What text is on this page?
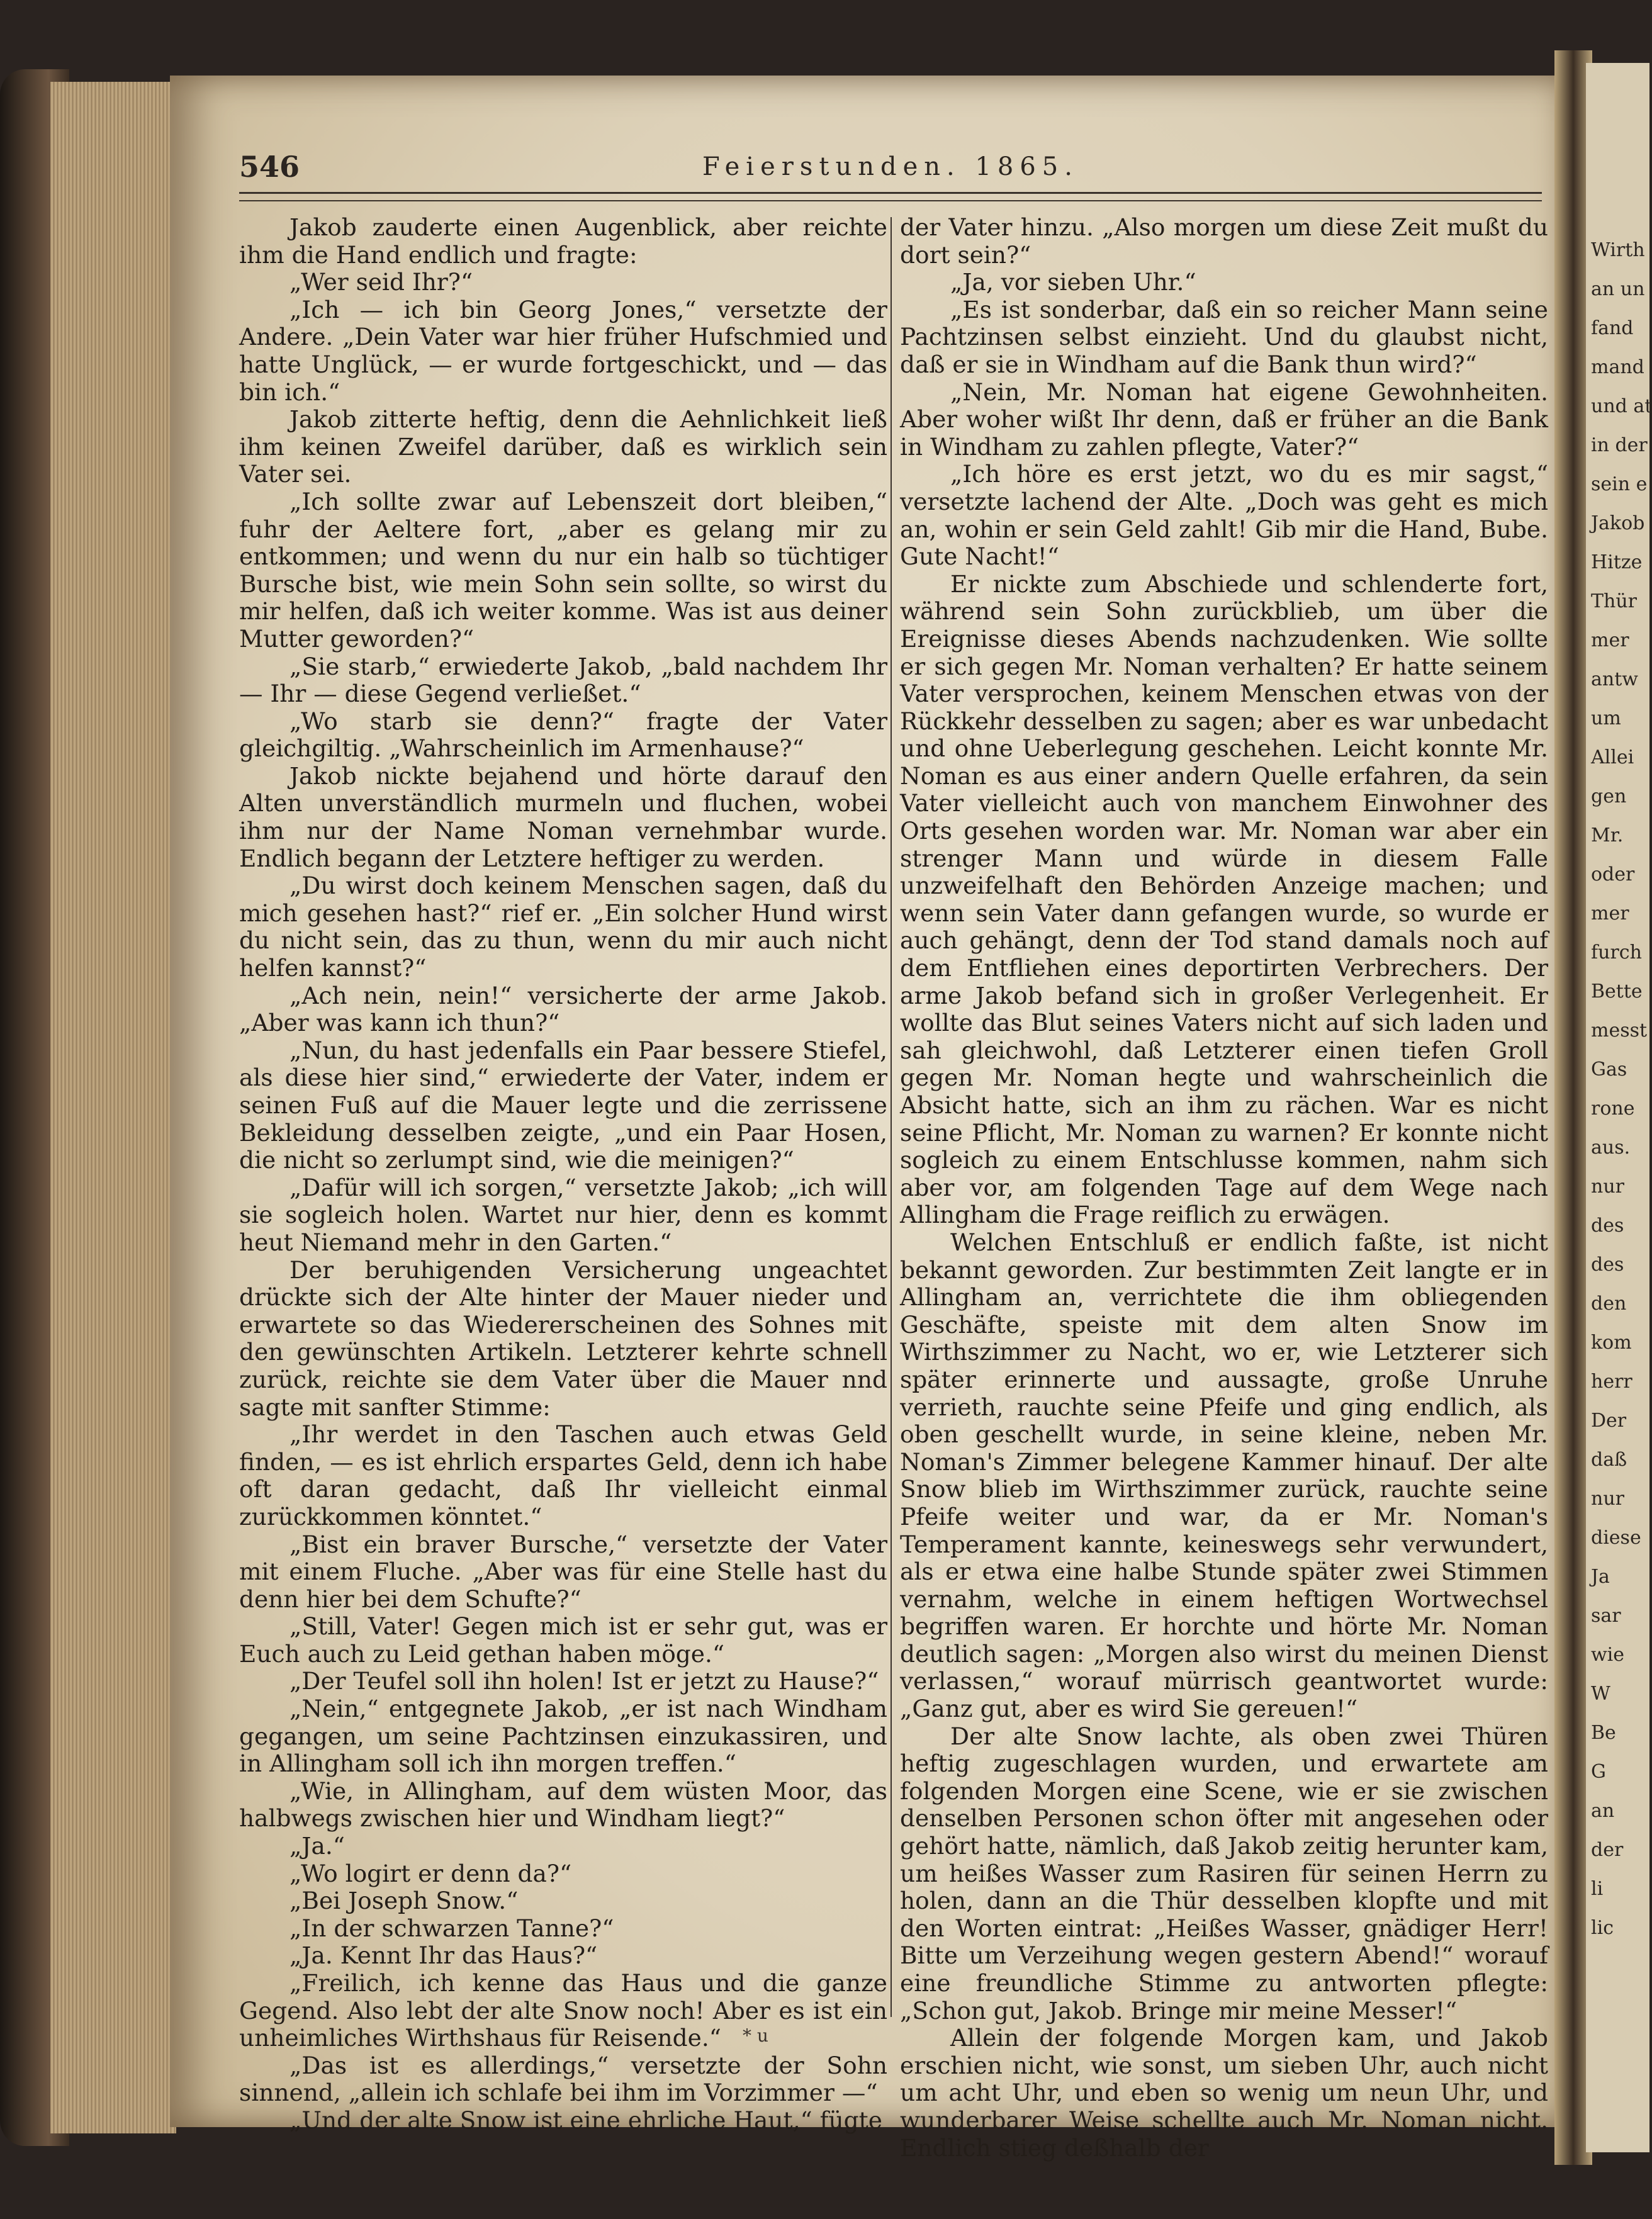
546	Feierstunden. 1865.

Jakob zauderte einen Augenblick, aber reichte ihm die Hand endlich und fragte:

„Wer seid Ihr?“

„Ich — ich bin Georg Jones,“ versetzte der Andere. „Dein Vater war hier früher Hufschmied und hatte Unglück, — er wurde fortgeschickt, und — das bin ich.“

Jakob zitterte heftig, denn die Aehnlichkeit ließ ihm keinen Zweifel darüber, daß es wirklich sein Vater sei.

„Ich sollte zwar auf Lebenszeit dort bleiben,“ fuhr der Aeltere fort, „aber es gelang mir zu entkommen; und wenn du nur ein halb so tüchtiger Bursche bist, wie mein Sohn sein sollte, so wirst du mir helfen, daß ich weiter komme. Was ist aus deiner Mutter geworden?“

„Sie starb,“ erwiederte Jakob, „bald nachdem Ihr — Ihr — diese Gegend verließet.“

„Wo starb sie denn?“ fragte der Vater gleichgiltig. „Wahrscheinlich im Armenhause?“

Jakob nickte bejahend und hörte darauf den Alten unverständlich murmeln und fluchen, wobei ihm nur der Name Noman vernehmbar wurde. Endlich begann der Letztere heftiger zu werden.

„Du wirst doch keinem Menschen sagen, daß du mich gesehen hast?“ rief er. „Ein solcher Hund wirst du nicht sein, das zu thun, wenn du mir auch nicht helfen kannst?“

„Ach nein, nein!“ versicherte der arme Jakob. „Aber was kann ich thun?“

„Nun, du hast jedenfalls ein Paar bessere Stiefel, als diese hier sind,“ erwiederte der Vater, indem er seinen Fuß auf die Mauer legte und die zerrissene Bekleidung desselben zeigte, „und ein Paar Hosen, die nicht so zerlumpt sind, wie die meinigen?“

„Dafür will ich sorgen,“ versetzte Jakob; „ich will sie sogleich holen. Wartet nur hier, denn es kommt heut Niemand mehr in den Garten.“

Der beruhigenden Versicherung ungeachtet drückte sich der Alte hinter der Mauer nieder und erwartete so das Wiedererscheinen des Sohnes mit den gewünschten Artikeln. Letzterer kehrte schnell zurück, reichte sie dem Vater über die Mauer nnd sagte mit sanfter Stimme:

„Ihr werdet in den Taschen auch etwas Geld finden, — es ist ehrlich erspartes Geld, denn ich habe oft daran gedacht, daß Ihr vielleicht einmal zurückkommen könntet.“

„Bist ein braver Bursche,“ versetzte der Vater mit einem Fluche. „Aber was für eine Stelle hast du denn hier bei dem Schufte?“

„Still, Vater! Gegen mich ist er sehr gut, was er Euch auch zu Leid gethan haben möge.“

„Der Teufel soll ihn holen! Ist er jetzt zu Hause?“

„Nein,“ entgegnete Jakob, „er ist nach Windham gegangen, um seine Pachtzinsen einzukassiren, und in Allingham soll ich ihn morgen treffen.“

„Wie, in Allingham, auf dem wüsten Moor, das halbwegs zwischen hier und Windham liegt?“

„Ja.“

„Wo logirt er denn da?“

„Bei Joseph Snow.“

„In der schwarzen Tanne?“

„Ja. Kennt Ihr das Haus?“

„Freilich, ich kenne das Haus und die ganze Gegend. Also lebt der alte Snow noch! Aber es ist ein unheimliches Wirthshaus für Reisende.“

„Das ist es allerdings,“ versetzte der Sohn sinnend, „allein ich schlafe bei ihm im Vorzimmer —“

„Und der alte Snow ist eine ehrliche Haut,“ fügte

der Vater hinzu. „Also morgen um diese Zeit mußt du dort sein?“

„Ja, vor sieben Uhr.“

„Es ist sonderbar, daß ein so reicher Mann seine Pachtzinsen selbst einzieht. Und du glaubst nicht, daß er sie in Windham auf die Bank thun wird?“

„Nein, Mr. Noman hat eigene Gewohnheiten. Aber woher wißt Ihr denn, daß er früher an die Bank in Windham zu zahlen pflegte, Vater?“

„Ich höre es erst jetzt, wo du es mir sagst,“ versetzte lachend der Alte. „Doch was geht es mich an, wohin er sein Geld zahlt! Gib mir die Hand, Bube. Gute Nacht!“

Er nickte zum Abschiede und schlenderte fort, während sein Sohn zurückblieb, um über die Ereignisse dieses Abends nachzudenken. Wie sollte er sich gegen Mr. Noman verhalten? Er hatte seinem Vater versprochen, keinem Menschen etwas von der Rückkehr desselben zu sagen; aber es war unbedacht und ohne Ueberlegung geschehen. Leicht konnte Mr. Noman es aus einer andern Quelle erfahren, da sein Vater vielleicht auch von manchem Einwohner des Orts gesehen worden war. Mr. Noman war aber ein strenger Mann und würde in diesem Falle unzweifelhaft den Behörden Anzeige machen; und wenn sein Vater dann gefangen wurde, so wurde er auch gehängt, denn der Tod stand damals noch auf dem Entfliehen eines deportirten Verbrechers. Der arme Jakob befand sich in großer Verlegenheit. Er wollte das Blut seines Vaters nicht auf sich laden und sah gleichwohl, daß Letzterer einen tiefen Groll gegen Mr. Noman hegte und wahrscheinlich die Absicht hatte, sich an ihm zu rächen. War es nicht seine Pflicht, Mr. Noman zu warnen? Er konnte nicht sogleich zu einem Entschlusse kommen, nahm sich aber vor, am folgenden Tage auf dem Wege nach Allingham die Frage reiflich zu erwägen.

Welchen Entschluß er endlich faßte, ist nicht bekannt geworden. Zur bestimmten Zeit langte er in Allingham an, verrichtete die ihm obliegenden Geschäfte, speiste mit dem alten Snow im Wirthszimmer zu Nacht, wo er, wie Letzterer sich später erinnerte und aussagte, große Unruhe verrieth, rauchte seine Pfeife und ging endlich, als oben geschellt wurde, in seine kleine, neben Mr. Noman's Zimmer belegene Kammer hinauf. Der alte Snow blieb im Wirthszimmer zurück, rauchte seine Pfeife weiter und war, da er Mr. Noman's Temperament kannte, keineswegs sehr verwundert, als er etwa eine halbe Stunde später zwei Stimmen vernahm, welche in einem heftigen Wortwechsel begriffen waren. Er horchte und hörte Mr. Noman deutlich sagen: „Morgen also wirst du meinen Dienst verlassen,“ worauf mürrisch geantwortet wurde: „Ganz gut, aber es wird Sie gereuen!“

Der alte Snow lachte, als oben zwei Thüren heftig zugeschlagen wurden, und erwartete am folgenden Morgen eine Scene, wie er sie zwischen denselben Personen schon öfter mit angesehen oder gehört hatte, nämlich, daß Jakob zeitig herunter kam, um heißes Wasser zum Rasiren für seinen Herrn zu holen, dann an die Thür desselben klopfte und mit den Worten eintrat: „Heißes Wasser, gnädiger Herr! Bitte um Verzeihung wegen gestern Abend!“ worauf eine freundliche Stimme zu antworten pflegte: „Schon gut, Jakob. Bringe mir meine Messer!“

Allein der folgende Morgen kam, und Jakob erschien nicht, wie sonst, um sieben Uhr, auch nicht um acht Uhr, und eben so wenig um neun Uhr, und wunderbarer Weise schellte auch Mr. Noman nicht. Endlich stieg deßhalb der

* u
Wirth
an un
fand
mand
und at
in der
sein e
Jakob
Hitze
Thür
mer
antw
um
Allei
gen
Mr.
oder
mer
furch
Bette
messt
Gas
rone
aus.
nur
des
des
den
kom
herr
Der
daß
nur
diese
Ja
sar
wie
W
Be
G
an
der
li
lic
